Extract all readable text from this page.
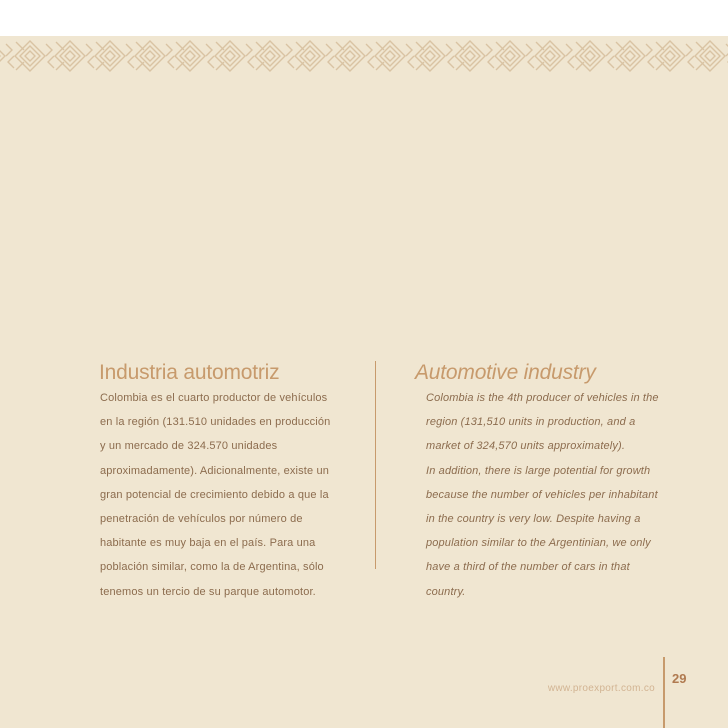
Industria automotriz
Colombia es el cuarto productor de vehículos
en la región (131.510 unidades en producción
y un mercado de 324.570 unidades
aproximadamente). Adicionalmente, existe un
gran potencial de crecimiento debido a que la
penetración de vehículos por número de
habitante es muy baja en el país. Para una
población similar, como la de Argentina, sólo
tenemos un tercio de su parque automotor.
Automotive industry
Colombia is the 4th producer of vehicles in the
region (131,510 units in production, and a
market of 324,570 units approximately).
In addition, there is large potential for growth
because the number of vehicles per inhabitant
in the country is very low. Despite having a
population similar to the Argentinian, we only
have a third of the number of cars in that
country.
www.proexport.com.co
29
